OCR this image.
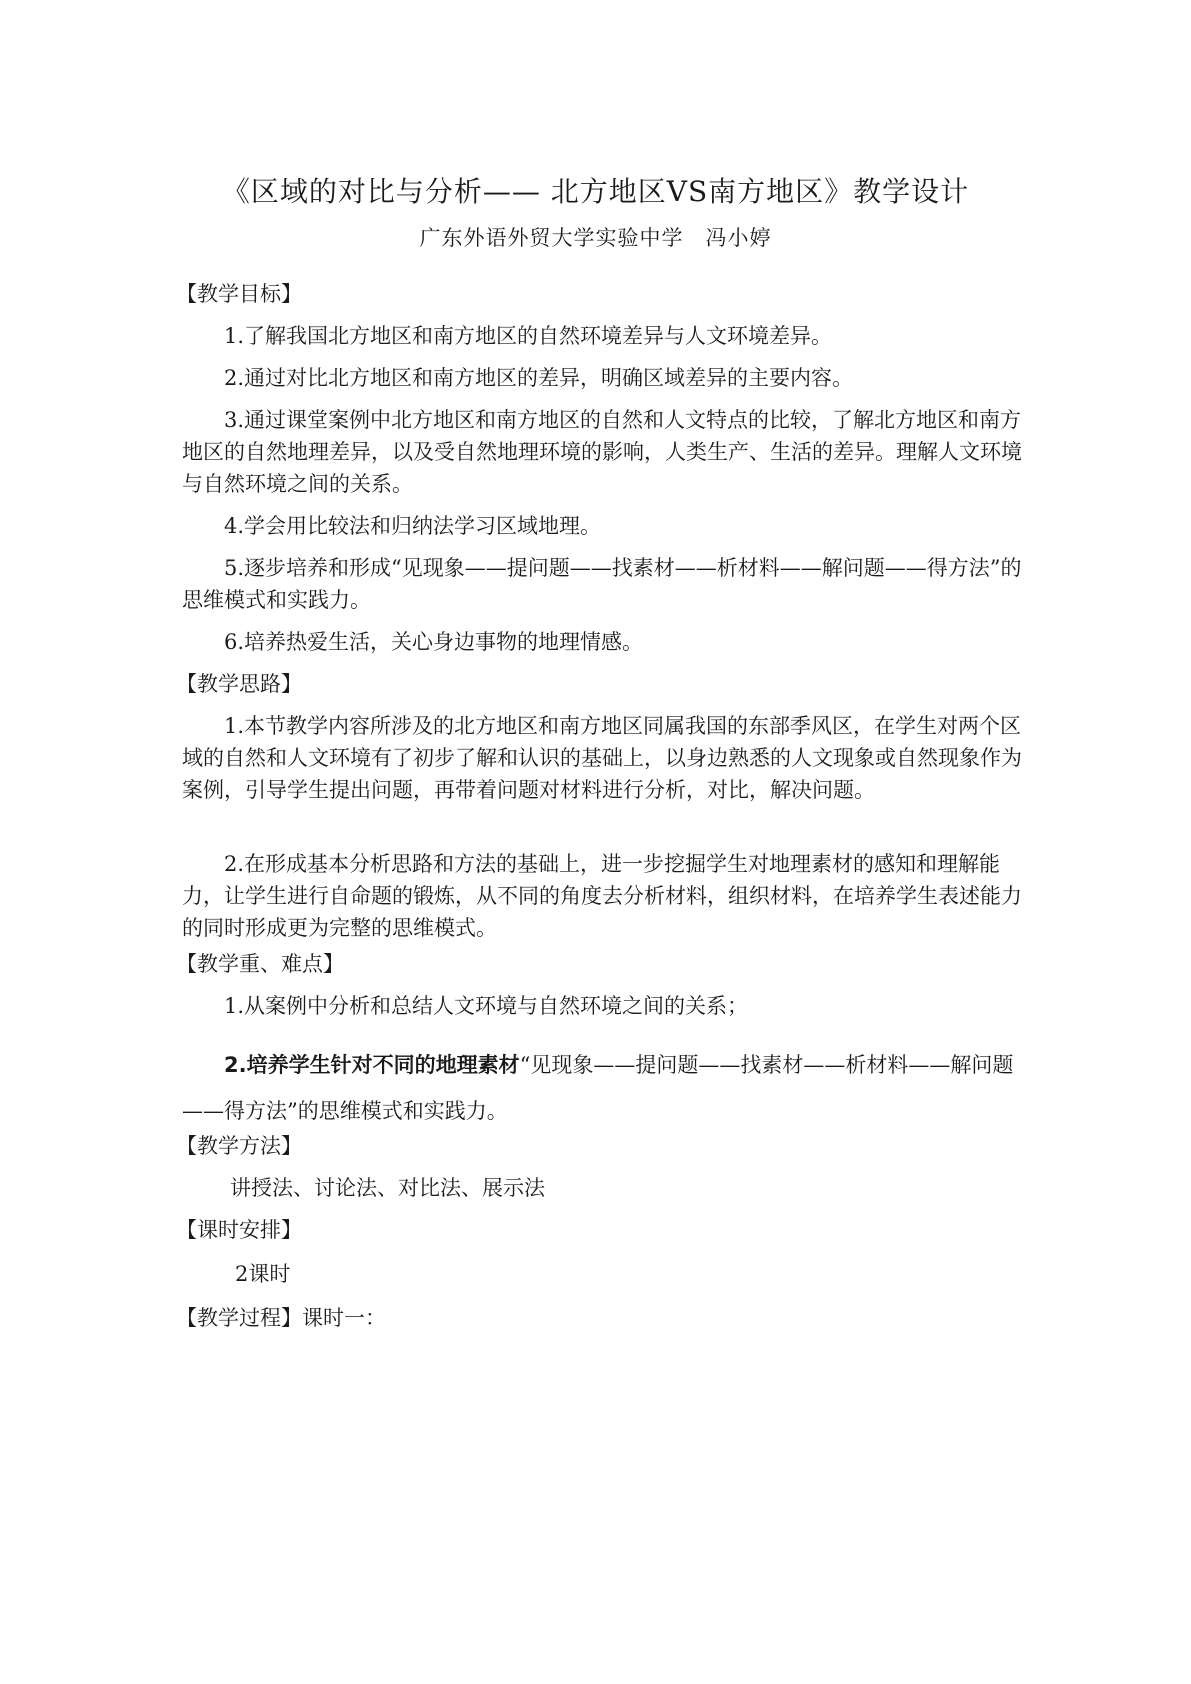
《区域的对比与分析—— 北方地区VS南方地区》教学设计
广东外语外贸大学实验中学　冯小婷
【教学目标】
1.了解我国北方地区和南方地区的自然环境差异与人文环境差异。
2.通过对比北方地区和南方地区的差异，明确区域差异的主要内容。
3.通过课堂案例中北方地区和南方地区的自然和人文特点的比较，了解北方地区和南方地区的自然地理差异，以及受自然地理环境的影响，人类生产、生活的差异。理解人文环境与自然环境之间的关系。
4.学会用比较法和归纳法学习区域地理。
5.逐步培养和形成“见现象——提问题——找素材——析材料——解问题——得方法”的思维模式和实践力。
6.培养热爱生活，关心身边事物的地理情感。
【教学思路】
1.本节教学内容所涉及的北方地区和南方地区同属我国的东部季风区，在学生对两个区域的自然和人文环境有了初步了解和认识的基础上，以身边熟悉的人文现象或自然现象作为案例，引导学生提出问题，再带着问题对材料进行分析，对比，解决问题。
2.在形成基本分析思路和方法的基础上，进一步挖掘学生对地理素材的感知和理解能力，让学生进行自命题的锻炼，从不同的角度去分析材料，组织材料，在培养学生表述能力的同时形成更为完整的思维模式。
【教学重、难点】
1.从案例中分析和总结人文环境与自然环境之间的关系；
2.培养学生针对不同的地理素材“见现象——提问题——找素材——析材料——解问题——得方法”的思维模式和实践力。
【教学方法】
讲授法、讨论法、对比法、展示法
【课时安排】
2课时
【教学过程】课时一：
